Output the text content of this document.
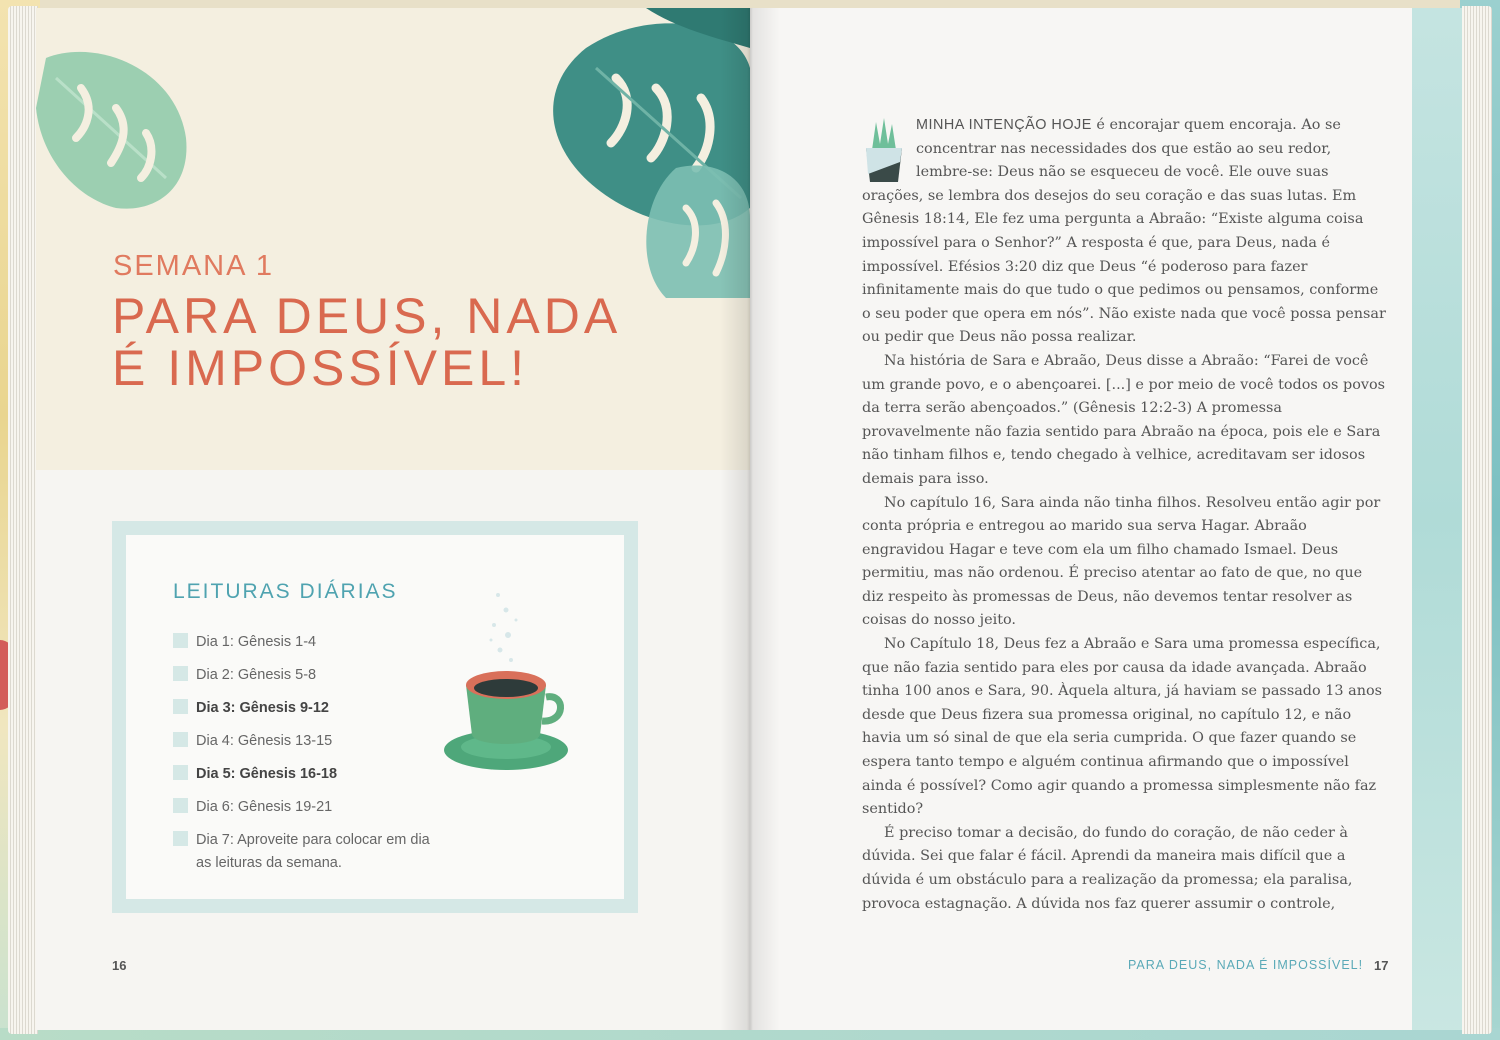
SEMANA 1
PARA DEUS, NADA
É IMPOSSÍVEL!
LEITURAS DIÁRIAS
Dia 1: Gênesis 1-4
Dia 2: Gênesis 5-8
Dia 3: Gênesis 9-12
Dia 4: Gênesis 13-15
Dia 5: Gênesis 16-18
Dia 6: Gênesis 19-21
Dia 7: Aproveite para colocar em dia as leituras da semana.
16

MINHA INTENÇÃO HOJE é encorajar quem encoraja. Ao se concentrar nas necessidades dos que estão ao seu redor, lembre-se: Deus não se esqueceu de você. Ele ouve suas orações, se lembra dos desejos do seu coração e das suas lutas. Em Gênesis 18:14, Ele fez uma pergunta a Abraão: “Existe alguma coisa impossível para o Senhor?” A resposta é que, para Deus, nada é impossível. Efésios 3:20 diz que Deus “é poderoso para fazer infinitamente mais do que tudo o que pedimos ou pensamos, conforme o seu poder que opera em nós”. Não existe nada que você possa pensar ou pedir que Deus não possa realizar.

Na história de Sara e Abraão, Deus disse a Abraão: “Farei de você um grande povo, e o abençoarei. [...] e por meio de você todos os povos da terra serão abençoados.” (Gênesis 12:2-3) A promessa provavelmente não fazia sentido para Abraão na época, pois ele e Sara não tinham filhos e, tendo chegado à velhice, acreditavam ser idosos demais para isso.

No capítulo 16, Sara ainda não tinha filhos. Resolveu então agir por conta própria e entregou ao marido sua serva Hagar. Abraão engravidou Hagar e teve com ela um filho chamado Ismael. Deus permitiu, mas não ordenou. É preciso atentar ao fato de que, no que diz respeito às promessas de Deus, não devemos tentar resolver as coisas do nosso jeito.

No Capítulo 18, Deus fez a Abraão e Sara uma promessa específica, que não fazia sentido para eles por causa da idade avançada. Abraão tinha 100 anos e Sara, 90. Àquela altura, já haviam se passado 13 anos desde que Deus fizera sua promessa original, no capítulo 12, e não havia um só sinal de que ela seria cumprida. O que fazer quando se espera tanto tempo e alguém continua afirmando que o impossível ainda é possível? Como agir quando a promessa simplesmente não faz sentido?

É preciso tomar a decisão, do fundo do coração, de não ceder à dúvida. Sei que falar é fácil. Aprendi da maneira mais difícil que a dúvida é um obstáculo para a realização da promessa; ela paralisa, provoca estagnação. A dúvida nos faz querer assumir o controle,

PARA DEUS, NADA É IMPOSSÍVEL! 17
